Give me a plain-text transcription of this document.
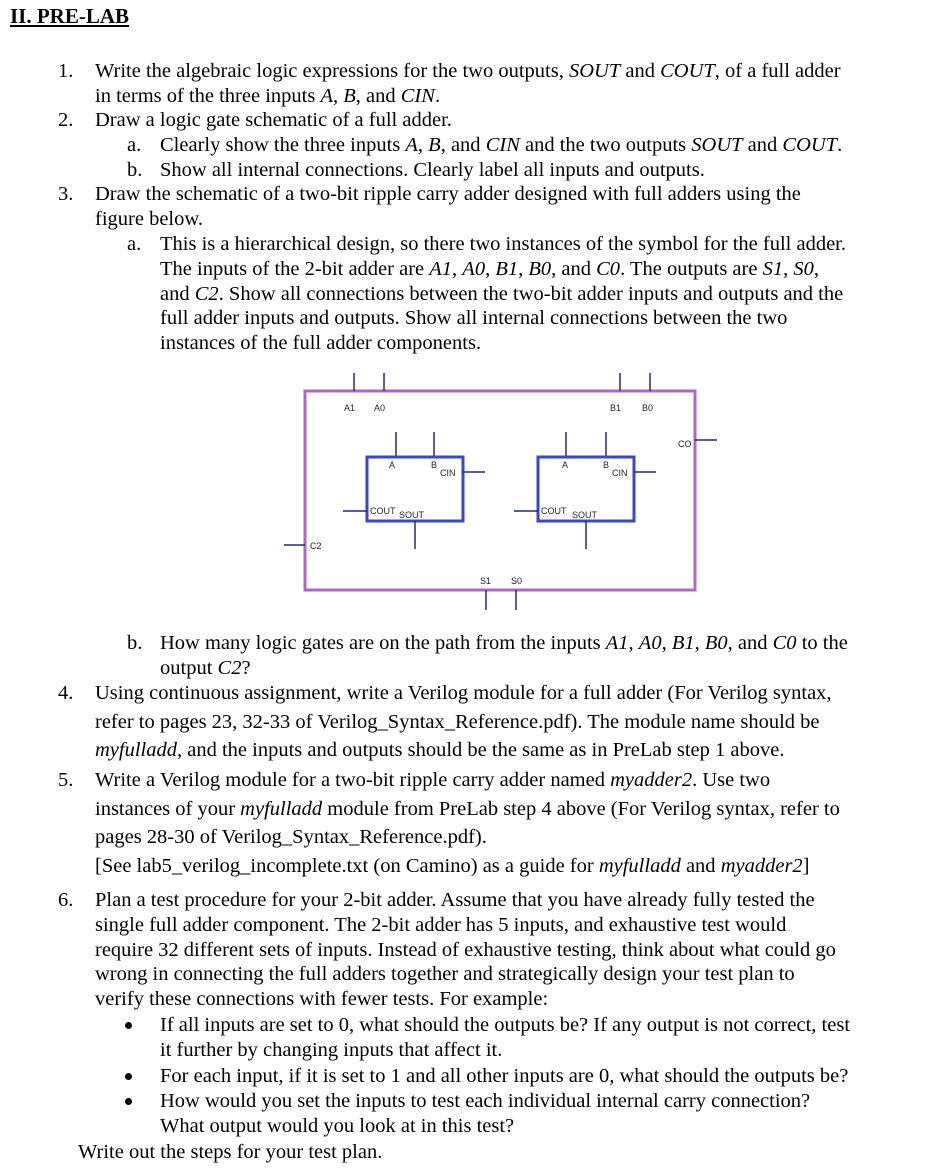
II. PRE-LAB
1. Write the algebraic logic expressions for the two outputs, SOUT and COUT, of a full adder
in terms of the three inputs A, B, and CIN.
2. Draw a logic gate schematic of a full adder.
a. Clearly show the three inputs A, B, and CIN and the two outputs SOUT and COUT.
b. Show all internal connections. Clearly label all inputs and outputs.
3. Draw the schematic of a two-bit ripple carry adder designed with full adders using the
figure below.
a. This is a hierarchical design, so there two instances of the symbol for the full adder.
The inputs of the 2-bit adder are A1, A0, B1, B0, and C0. The outputs are S1, S0,
and C2. Show all connections between the two-bit adder inputs and outputs and the
full adder inputs and outputs. Show all internal connections between the two
instances of the full adder components.
b. How many logic gates are on the path from the inputs A1, A0, B1, B0, and C0 to the
output C2?
4. Using continuous assignment, write a Verilog module for a full adder (For Verilog syntax,
refer to pages 23, 32-33 of Verilog_Syntax_Reference.pdf). The module name should be
myfulladd, and the inputs and outputs should be the same as in PreLab step 1 above.
5. Write a Verilog module for a two-bit ripple carry adder named myadder2. Use two
instances of your myfulladd module from PreLab step 4 above (For Verilog syntax, refer to
pages 28-30 of Verilog_Syntax_Reference.pdf).
[See lab5_verilog_incomplete.txt (on Camino) as a guide for myfulladd and myadder2]
6. Plan a test procedure for your 2-bit adder. Assume that you have already fully tested the
single full adder component. The 2-bit adder has 5 inputs, and exhaustive test would
require 32 different sets of inputs. Instead of exhaustive testing, think about what could go
wrong in connecting the full adders together and strategically design your test plan to
verify these connections with fewer tests. For example:
If all inputs are set to 0, what should the outputs be? If any output is not correct, test
it further by changing inputs that affect it.
For each input, if it is set to 1 and all other inputs are 0, what should the outputs be?
How would you set the inputs to test each individual internal carry connection?
What output would you look at in this test?
Write out the steps for your test plan.
A1 A0	B1 B0
CO
C2
S1 S0
A	B
CIN
COUT SOUT
A	B
CIN
COUT SOUT
